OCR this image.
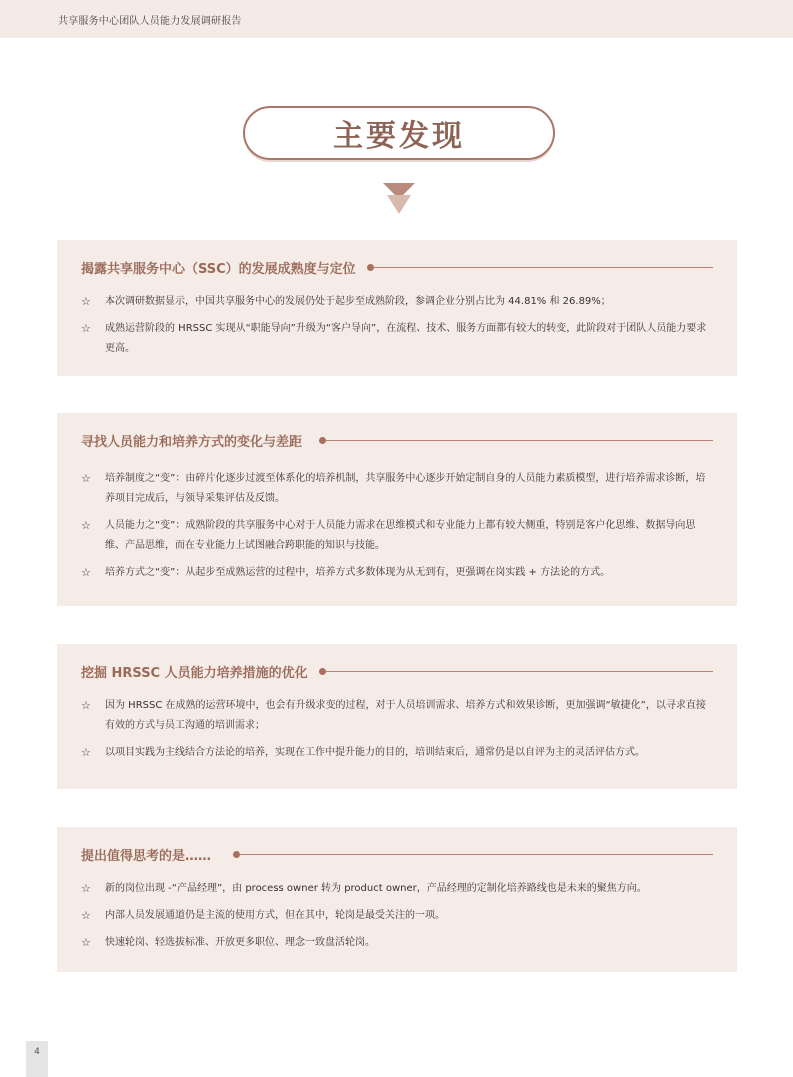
共享服务中心团队人员能力发展调研报告
主要发现
揭露共享服务中心（SSC）的发展成熟度与定位
☆ 本次调研数据显示，中国共享服务中心的发展仍处于起步至成熟阶段，参调企业分别占比为 44.81% 和 26.89%；
☆ 成熟运营阶段的 HRSSC 实现从“职能导向”升级为“客户导向”，在流程、技术、服务方面都有较大的转变，此阶段对于团队人员能力要求更高。
寻找人员能力和培养方式的变化与差距
☆ 培养制度之“变”：由碎片化逐步过渡至体系化的培养机制，共享服务中心逐步开始定制自身的人员能力素质模型，进行培养需求诊断，培养项目完成后，与领导采集评估及反馈。
☆ 人员能力之“变”：成熟阶段的共享服务中心对于人员能力需求在思维模式和专业能力上都有较大侧重，特别是客户化思维、数据导向思维、产品思维，而在专业能力上试图融合跨职能的知识与技能。
☆ 培养方式之“变”：从起步至成熟运营的过程中，培养方式多数体现为从无到有，更强调在岗实践 + 方法论的方式。
挖掘 HRSSC 人员能力培养措施的优化
☆ 因为 HRSSC 在成熟的运营环境中，也会有升级求变的过程，对于人员培训需求、培养方式和效果诊断，更加强调“敏捷化”，以寻求直接有效的方式与员工沟通的培训需求；
☆ 以项目实践为主线结合方法论的培养，实现在工作中提升能力的目的，培训结束后，通常仍是以自评为主的灵活评估方式。
提出值得思考的是……
☆ 新的岗位出现 -“产品经理”，由 process owner 转为 product owner，产品经理的定制化培养路线也是未来的聚焦方向。
☆ 内部人员发展通道仍是主流的使用方式，但在其中，轮岗是最受关注的一项。
☆ 快速轮岗、轻选拔标准、开放更多职位、理念一致盘活轮岗。
4
